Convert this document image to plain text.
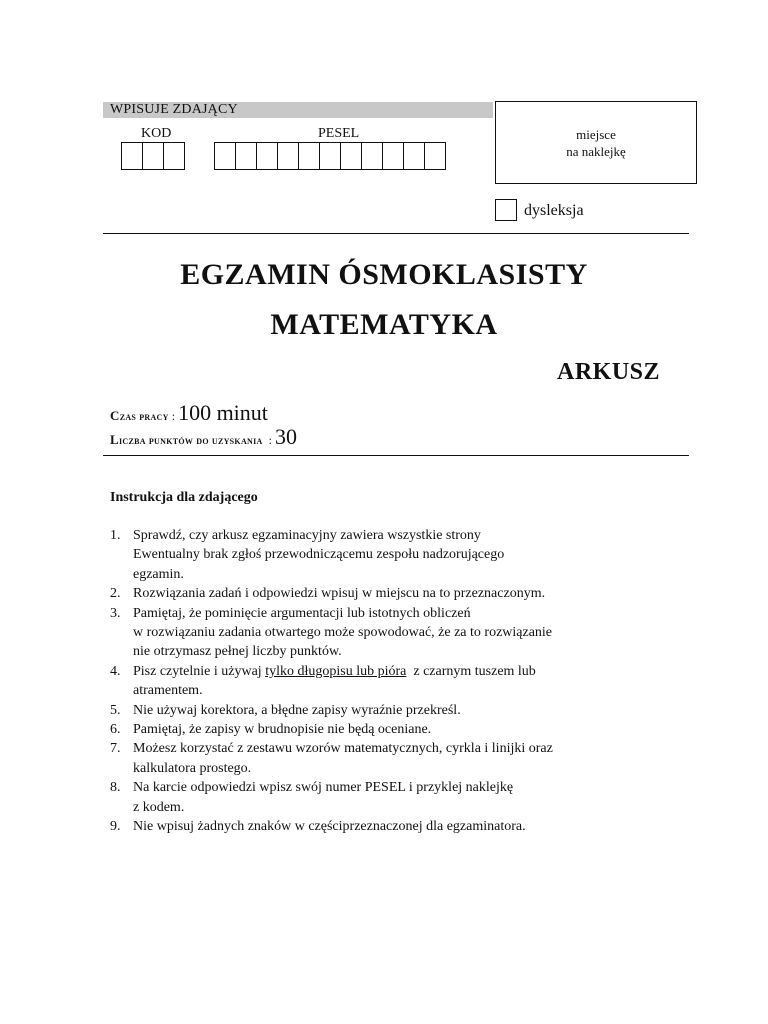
WPISUJE ZDAJĄCY
KOD	PESEL	miejsce
na naklejkę
dysleksja
EGZAMIN ÓSMOKLASISTY
MATEMATYKA
ARKUSZ
Czas pracy : 100 minut
Liczba punktów do uzyskania  : 30
Instrukcja dla zdającego
1. Sprawdź, czy arkusz egzaminacyjny zawiera wszystkie strony
Ewentualny brak zgłoś przewodniczącemu zespołu nadzorującego
egzamin.
2. Rozwiązania zadań i odpowiedzi wpisuj w miejscu na to przeznaczonym.
3. Pamiętaj, że pominięcie argumentacji lub istotnych obliczeń
w rozwiązaniu zadania otwartego może spowodować, że za to rozwiązanie
nie otrzymasz pełnej liczby punktów.
4. Pisz czytelnie i używaj tylko długopisu lub pióra  z czarnym tuszem lub
atramentem.
5. Nie używaj korektora, a błędne zapisy wyraźnie przekreśl.
6. Pamiętaj, że zapisy w brudnopisie nie będą oceniane.
7. Możesz korzystać z zestawu wzorów matematycznych, cyrkla i linijki oraz
kalkulatora prostego.
8. Na karcie odpowiedzi wpisz swój numer PESEL i przyklej naklejkę
z kodem.
9. Nie wpisuj żadnych znaków w częściprzeznaczonej dla egzaminatora.
